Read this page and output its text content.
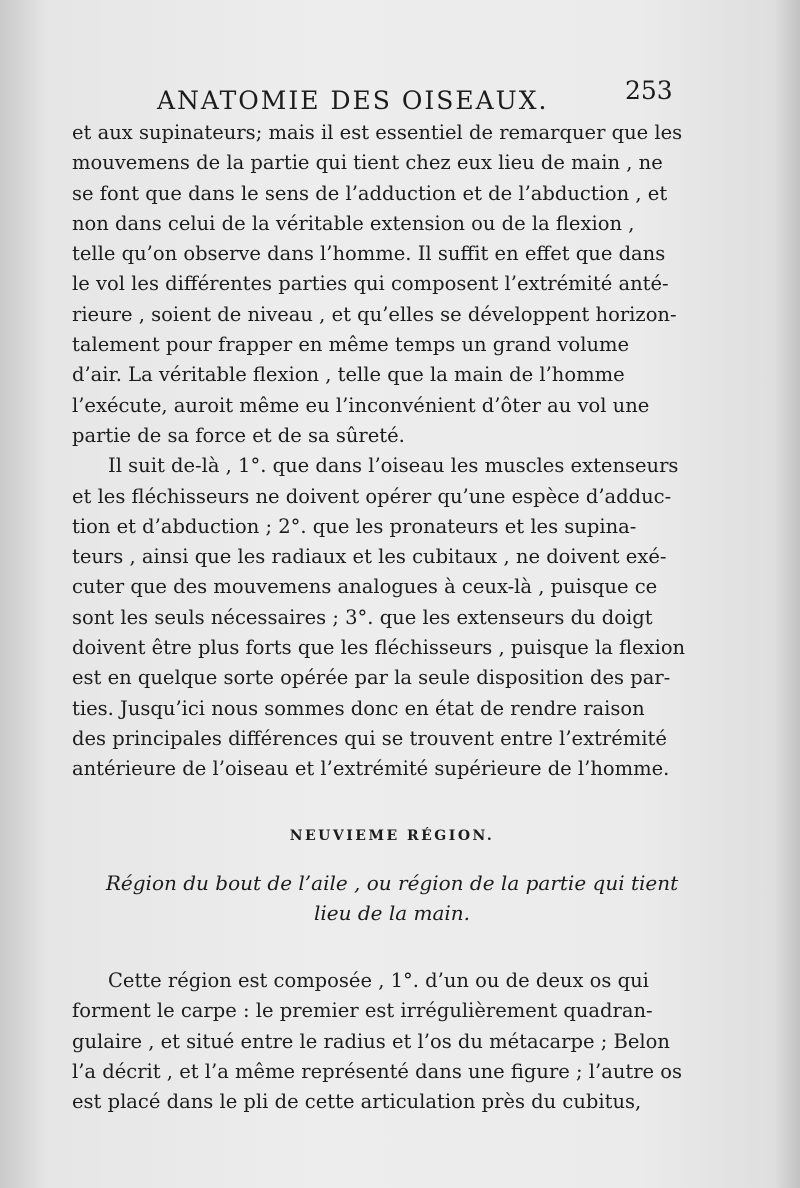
ANATOMIE DES OISEAUX.	253
et aux supinateurs; mais il est essentiel de remarquer que les
mouvemens de la partie qui tient chez eux lieu de main , ne
se font que dans le sens de l’adduction et de l’abduction , et
non dans celui de la véritable extension ou de la flexion ,
telle qu’on observe dans l’homme. Il suffit en effet que dans
le vol les différentes parties qui composent l’extrémité anté-
rieure , soient de niveau , et qu’elles se développent horizon-
talement pour frapper en même temps un grand volume
d’air. La véritable flexion , telle que la main de l’homme
l’exécute, auroit même eu l’inconvénient d’ôter au vol une
partie de sa force et de sa sûreté.
Il suit de-là , 1°. que dans l’oiseau les muscles extenseurs
et les fléchisseurs ne doivent opérer qu’une espèce d’adduc-
tion et d’abduction ; 2°. que les pronateurs et les supina-
teurs , ainsi que les radiaux et les cubitaux , ne doivent exé-
cuter que des mouvemens analogues à ceux-là , puisque ce
sont les seuls nécessaires ; 3°. que les extenseurs du doigt
doivent être plus forts que les fléchisseurs , puisque la flexion
est en quelque sorte opérée par la seule disposition des par-
ties. Jusqu’ici nous sommes donc en état de rendre raison
des principales différences qui se trouvent entre l’extrémité
antérieure de l’oiseau et l’extrémité supérieure de l’homme.
NEUVIEME RÉGION.
Région du bout de l’aile , ou région de la partie qui tient
lieu de la main.
Cette région est composée , 1°. d’un ou de deux os qui
forment le carpe : le premier est irrégulièrement quadran-
gulaire , et situé entre le radius et l’os du métacarpe ; Belon
l’a décrit , et l’a même représenté dans une figure ; l’autre os
est placé dans le pli de cette articulation près du cubitus,
